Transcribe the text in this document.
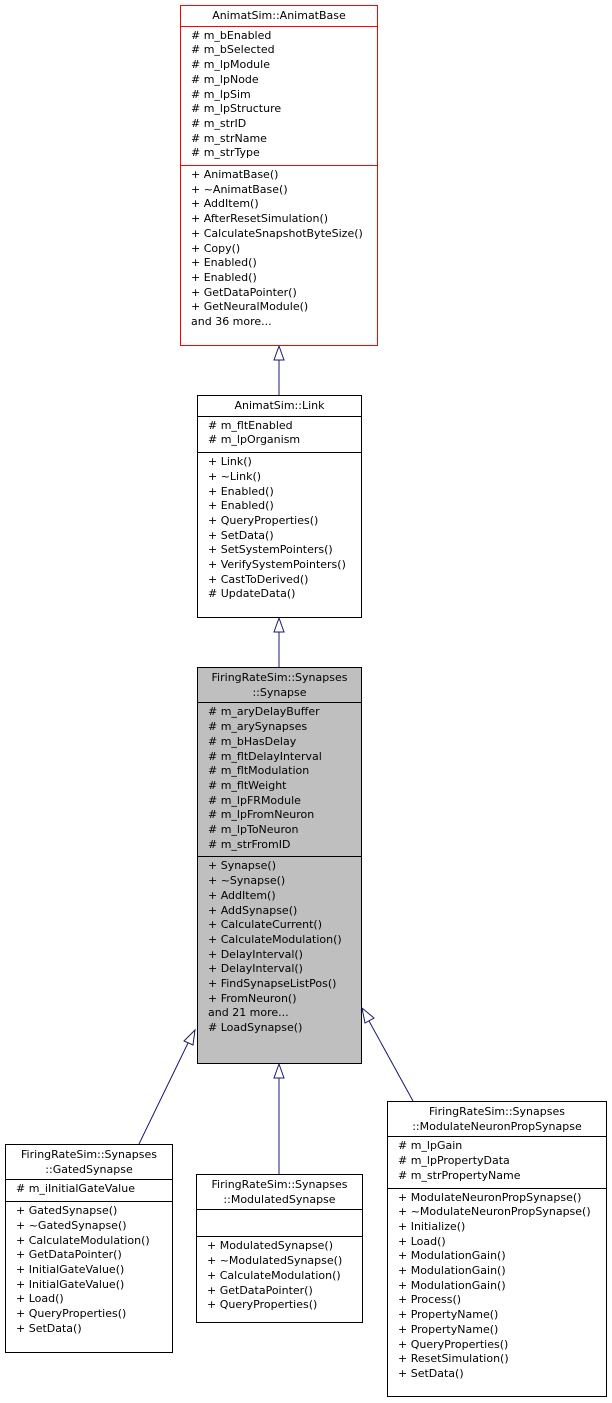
AnimatSim::AnimatBase
# m_bEnabled
# m_bSelected
# m_lpModule
# m_lpNode
# m_lpSim
# m_lpStructure
# m_strID
# m_strName
# m_strType
+ AnimatBase()
+ ~AnimatBase()
+ AddItem()
+ AfterResetSimulation()
+ CalculateSnapshotByteSize()
+ Copy()
+ Enabled()
+ Enabled()
+ GetDataPointer()
+ GetNeuralModule()
and 36 more...
AnimatSim::Link
# m_fltEnabled
# m_lpOrganism
+ Link()
+ ~Link()
+ Enabled()
+ Enabled()
+ QueryProperties()
+ SetData()
+ SetSystemPointers()
+ VerifySystemPointers()
+ CastToDerived()
# UpdateData()
FiringRateSim::Synapses
::Synapse
# m_aryDelayBuffer
# m_arySynapses
# m_bHasDelay
# m_fltDelayInterval
# m_fltModulation
# m_fltWeight
# m_lpFRModule
# m_lpFromNeuron
# m_lpToNeuron
# m_strFromID
+ Synapse()
+ ~Synapse()
+ AddItem()
+ AddSynapse()
+ CalculateCurrent()
+ CalculateModulation()
+ DelayInterval()
+ DelayInterval()
+ FindSynapseListPos()
+ FromNeuron()
and 21 more...
# LoadSynapse()
FiringRateSim::Synapses
::GatedSynapse
# m_iInitialGateValue
+ GatedSynapse()
+ ~GatedSynapse()
+ CalculateModulation()
+ GetDataPointer()
+ InitialGateValue()
+ InitialGateValue()
+ Load()
+ QueryProperties()
+ SetData()
FiringRateSim::Synapses
::ModulatedSynapse
+ ModulatedSynapse()
+ ~ModulatedSynapse()
+ CalculateModulation()
+ GetDataPointer()
+ QueryProperties()
FiringRateSim::Synapses
::ModulateNeuronPropSynapse
# m_lpGain
# m_lpPropertyData
# m_strPropertyName
+ ModulateNeuronPropSynapse()
+ ~ModulateNeuronPropSynapse()
+ Initialize()
+ Load()
+ ModulationGain()
+ ModulationGain()
+ ModulationGain()
+ Process()
+ PropertyName()
+ PropertyName()
+ QueryProperties()
+ ResetSimulation()
+ SetData()
